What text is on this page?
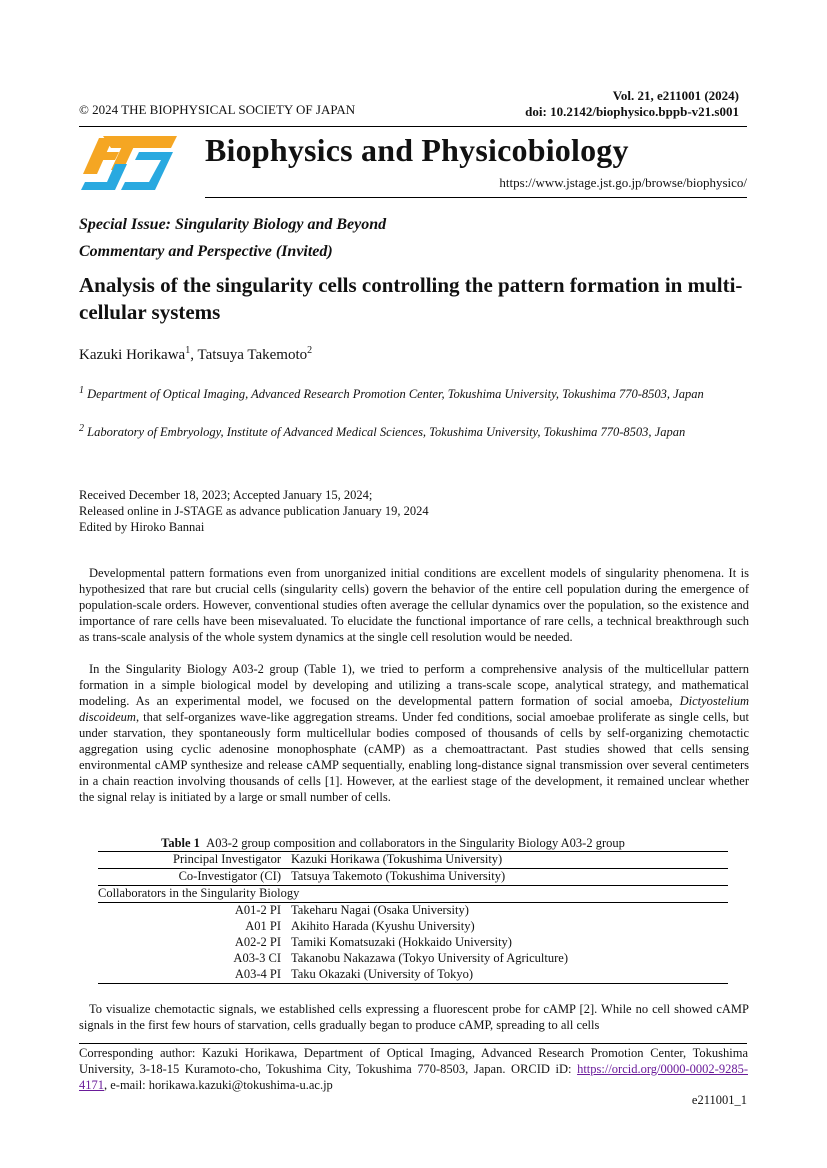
© 2024 THE BIOPHYSICAL SOCIETY OF JAPAN
Vol. 21, e211001 (2024)
doi: 10.2142/biophysico.bppb-v21.s001
Biophysics and Physicobiology
https://www.jstage.jst.go.jp/browse/biophysico/
Special Issue: Singularity Biology and Beyond
Commentary and Perspective (Invited)
Analysis of the singularity cells controlling the pattern formation in multi-cellular systems
Kazuki Horikawa$^1$, Tatsuya Takemoto$^2$
$^1$ Department of Optical Imaging, Advanced Research Promotion Center, Tokushima University, Tokushima 770-8503, Japan
$^2$ Laboratory of Embryology, Institute of Advanced Medical Sciences, Tokushima University, Tokushima 770-8503, Japan
Received December 18, 2023; Accepted January 15, 2024;
Released online in J-STAGE as advance publication January 19, 2024
Edited by Hiroko Bannai
Developmental pattern formations even from unorganized initial conditions are excellent models of singularity phenomena. It is hypothesized that rare but crucial cells (singularity cells) govern the behavior of the entire cell population during the emergence of population-scale orders. However, conventional studies often average the cellular dynamics over the population, so the existence and importance of rare cells have been misevaluated. To elucidate the functional importance of rare cells, a technical breakthrough such as trans-scale analysis of the whole system dynamics at the single cell resolution would be needed.
In the Singularity Biology A03-2 group (Table 1), we tried to perform a comprehensive analysis of the multicellular pattern formation in a simple biological model by developing and utilizing a trans-scale scope, analytical strategy, and mathematical modeling. As an experimental model, we focused on the developmental pattern formation of social amoeba, Dictyostelium discoideum, that self-organizes wave-like aggregation streams. Under fed conditions, social amoebae proliferate as single cells, but under starvation, they spontaneously form multicellular bodies composed of thousands of cells by self-organizing chemotactic aggregation using cyclic adenosine monophosphate (cAMP) as a chemoattractant. Past studies showed that cells sensing environmental cAMP synthesize and release cAMP sequentially, enabling long-distance signal transmission over several centimeters in a chain reaction involving thousands of cells [1]. However, at the earliest stage of the development, it remained unclear whether the signal relay is initiated by a large or small number of cells.
Table 1 A03-2 group composition and collaborators in the Singularity Biology A03-2 group
Principal Investigator	Kazuki Horikawa (Tokushima University)
Co-Investigator (CI)	Tatsuya Takemoto (Tokushima University)
Collaborators in the Singularity Biology	
A01-2 PI	Takeharu Nagai (Osaka University)
A01 PI	Akihito Harada (Kyushu University)
A02-2 PI	Tamiki Komatsuzaki (Hokkaido University)
A03-3 CI	Takanobu Nakazawa (Tokyo University of Agriculture)
A03-4 PI	Taku Okazaki (University of Tokyo)
To visualize chemotactic signals, we established cells expressing a fluorescent probe for cAMP [2]. While no cell showed cAMP signals in the first few hours of starvation, cells gradually began to produce cAMP, spreading to all cells
Corresponding author: Kazuki Horikawa, Department of Optical Imaging, Advanced Research Promotion Center, Tokushima University, 3-18-15 Kuramoto-cho, Tokushima City, Tokushima 770-8503, Japan. ORCID iD: https://orcid.org/0000-0002-9285-4171, e-mail: horikawa.kazuki@tokushima-u.ac.jp
e211001_1
